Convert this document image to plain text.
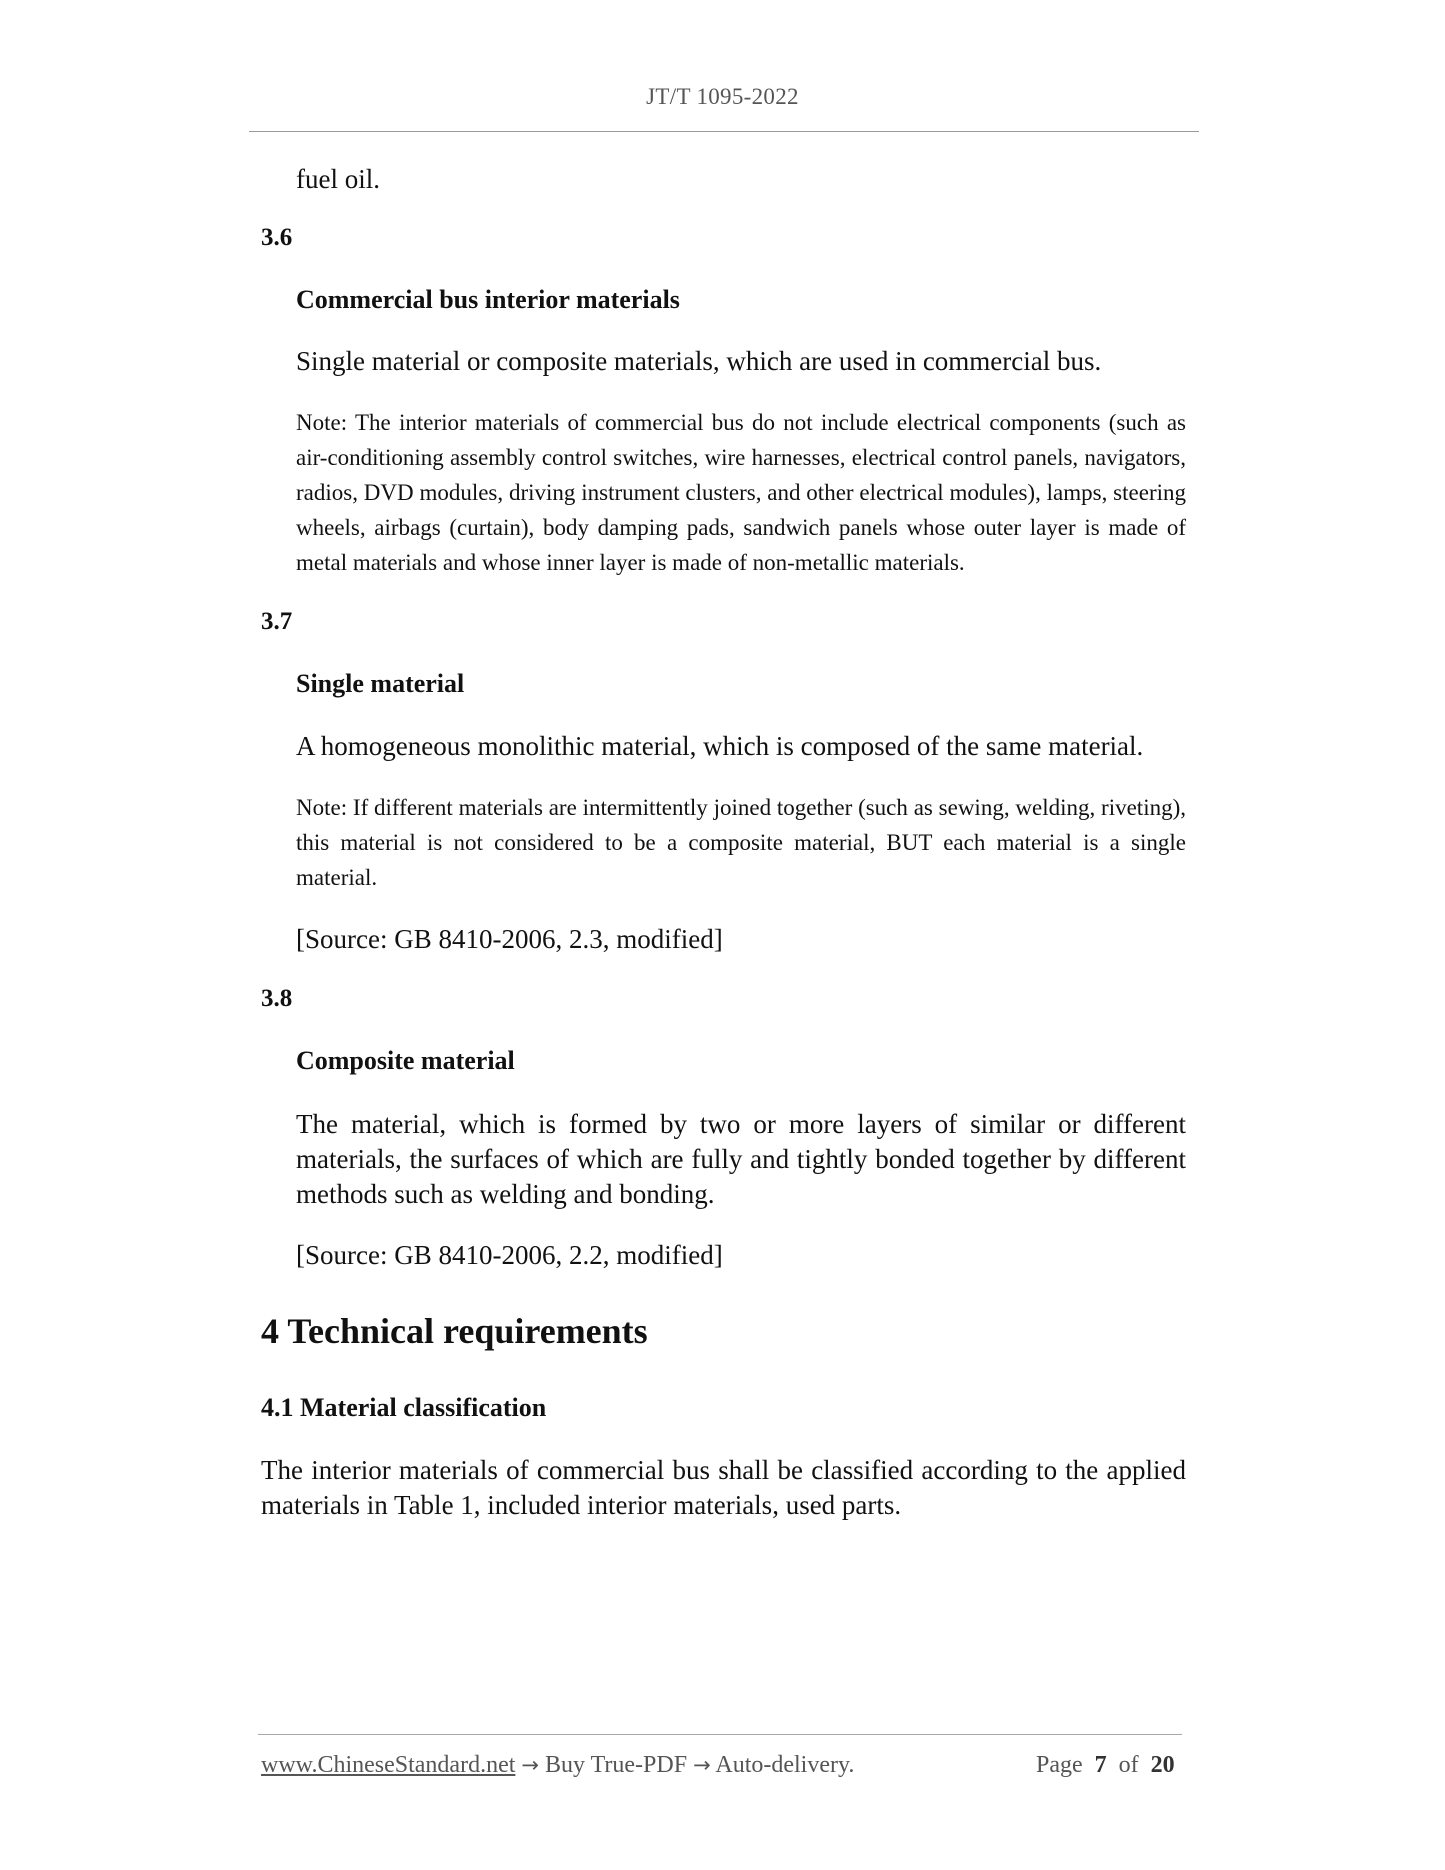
JT/T 1095-2022
fuel oil.
3.6
Commercial bus interior materials
Single material or composite materials, which are used in commercial bus.
Note: The interior materials of commercial bus do not include electrical components (such as air-conditioning assembly control switches, wire harnesses, electrical control panels, navigators, radios, DVD modules, driving instrument clusters, and other electrical modules), lamps, steering wheels, airbags (curtain), body damping pads, sandwich panels whose outer layer is made of metal materials and whose inner layer is made of non-metallic materials.
3.7
Single material
A homogeneous monolithic material, which is composed of the same material.
Note: If different materials are intermittently joined together (such as sewing, welding, riveting), this material is not considered to be a composite material, BUT each material is a single material.
[Source: GB 8410-2006, 2.3, modified]
3.8
Composite material
The material, which is formed by two or more layers of similar or different materials, the surfaces of which are fully and tightly bonded together by different methods such as welding and bonding.
[Source: GB 8410-2006, 2.2, modified]
4 Technical requirements
4.1 Material classification
The interior materials of commercial bus shall be classified according to the applied materials in Table 1, included interior materials, used parts.
www.ChineseStandard.net → Buy True-PDF → Auto-delivery.	Page 7 of 20
